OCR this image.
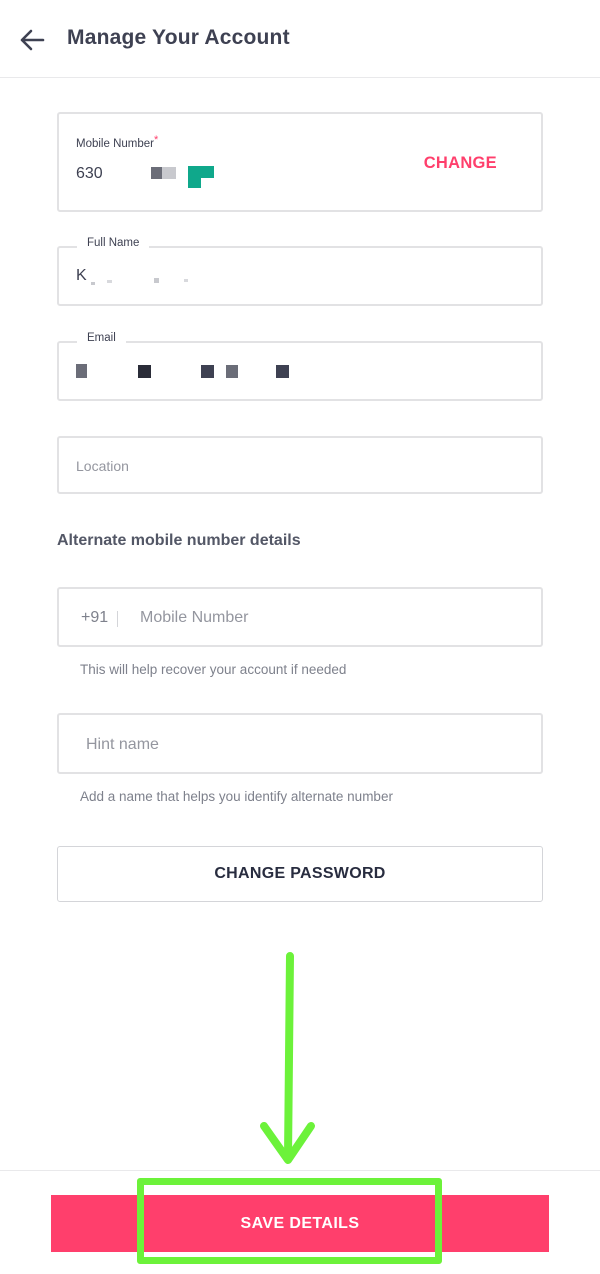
Manage Your Account
Mobile Number*
630
CHANGE
Full Name
K
Email
Location
Alternate mobile number details
+91 Mobile Number
This will help recover your account if needed
Hint name
Add a name that helps you identify alternate number
CHANGE PASSWORD
SAVE DETAILS
